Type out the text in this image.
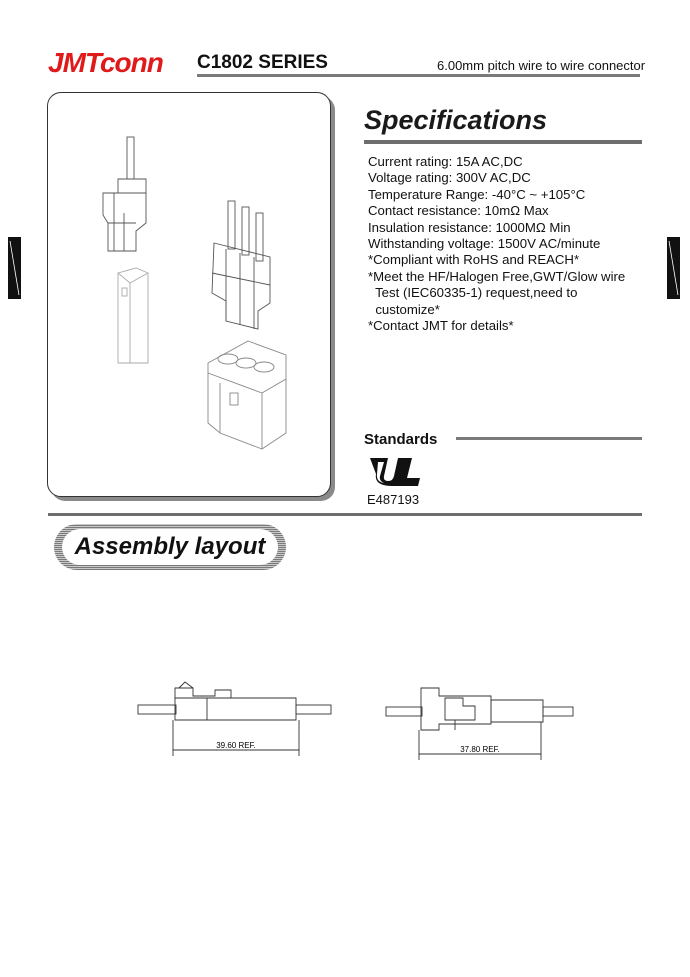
JMTconn C1802 SERIES	6.00mm pitch wire to wire connector
Specifications
Current rating: 15A AC,DC
Voltage rating: 300V AC,DC
Temperature Range: -40°C ~ +105°C
Contact resistance: 10mΩ Max
Insulation resistance: 1000MΩ Min
Withstanding voltage: 1500V AC/minute
*Compliant with RoHS and REACH*
*Meet the HF/Halogen Free,GWT/Glow wire
Test (IEC60335-1) request,need to
customize*
*Contact JMT for details*
Standards
E487193
Assembly layout
39.60 REF.	37.80 REF.
